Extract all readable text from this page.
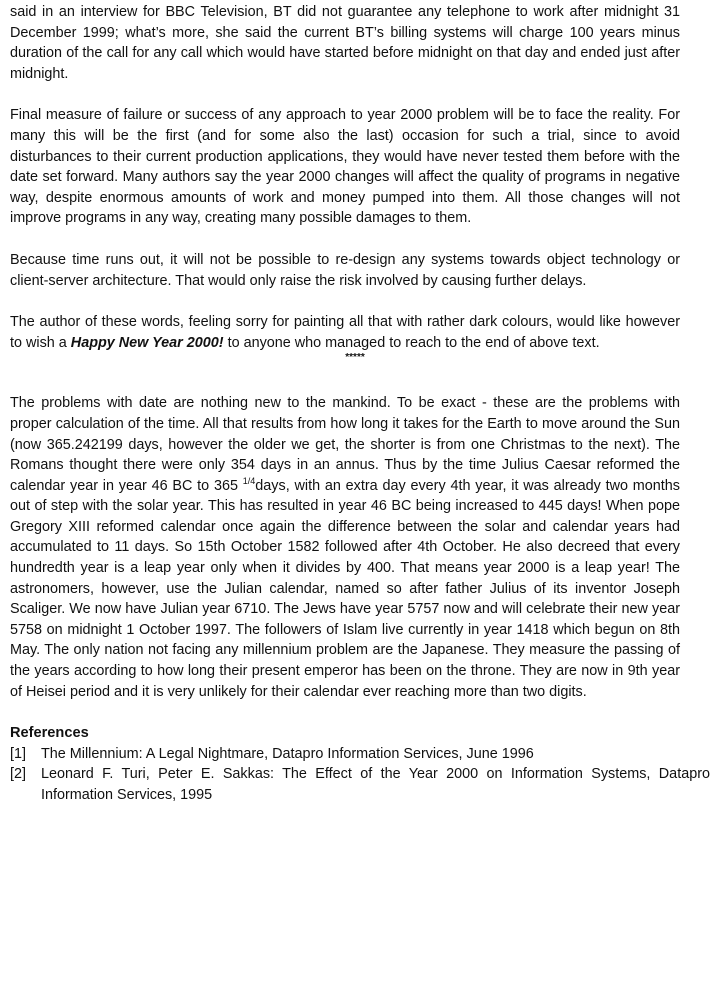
said in an interview for BBC Television, BT did not guarantee any telephone to work after midnight 31 December 1999; what’s more, she said the current BT’s billing systems will charge 100 years minus duration of the call for any call which would have started before midnight on that day and ended just after midnight.

Final measure of failure or success of any approach to year 2000 problem will be to face the reality. For many this will be the first (and for some also the last) occasion for such a trial, since to avoid disturbances to their current production applications, they would have never tested them before with the date set forward. Many authors say the year 2000 changes will affect the quality of programs in negative way, despite enormous amounts of work and money pumped into them. All those changes will not improve programs in any way, creating many possible damages to them.

Because time runs out, it will not be possible to re-design any systems towards object technology or client-server architecture. That would only raise the risk involved by causing further delays.

The author of these words, feeling sorry for painting all that with rather dark colours, would like however to wish a Happy New Year 2000! to anyone who managed to reach to the end of above text.

*****

The problems with date are nothing new to the mankind. To be exact - these are the problems with proper calculation of the time. All that results from how long it takes for the Earth to move around the Sun (now 365.242199 days, however the older we get, the shorter is from one Christmas to the next). The Romans thought there were only 354 days in an annus. Thus by the time Julius Caesar reformed the calendar year in year 46 BC to 365 $^{1/4}$days, with an extra day every 4th year, it was already two months out of step with the solar year. This has resulted in year 46 BC being increased to 445 days! When pope Gregory XIII reformed calendar once again the difference between the solar and calendar years had accumulated to 11 days. So 15th October 1582 followed after 4th October. He also decreed that every hundredth year is a leap year only when it divides by 400. That means year 2000 is a leap year! The astronomers, however, use the Julian calendar, named so after father Julius of its inventor Joseph Scaliger. We now have Julian year 6710. The Jews have year 5757 now and will celebrate their new year 5758 on midnight 1 October 1997. The followers of Islam live currently in year 1418 which begun on 8th May. The only nation not facing any millennium problem are the Japanese. They measure the passing of the years according to how long their present emperor has been on the throne. They are now in 9th year of Heisei period and it is very unlikely for their calendar ever reaching more than two digits.

References

[1]	The Millennium: A Legal Nightmare, Datapro Information Services, June 1996
[2]	Leonard F. Turi, Peter E. Sakkas: The Effect of the Year 2000 on Information Systems, Datapro Information Services, 1995
